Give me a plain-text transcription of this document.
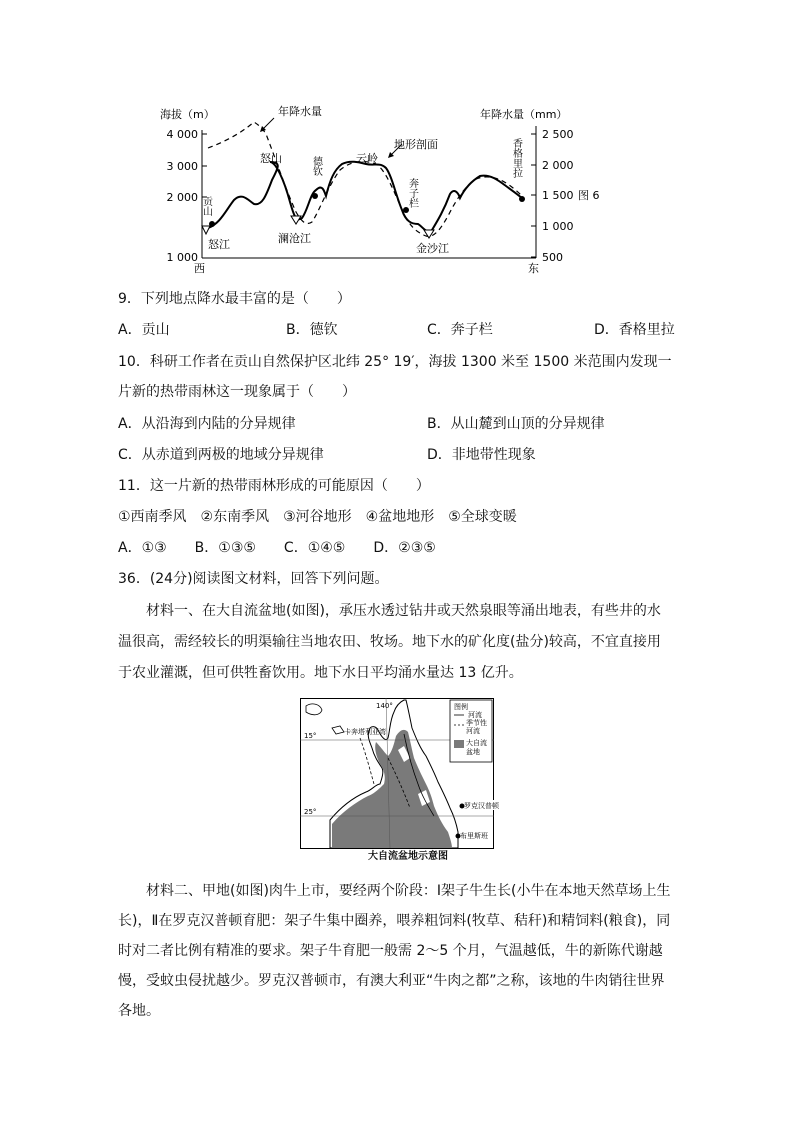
海拔（m）	年降水量（mm）
4 000
3 000
2 000
1 000
2 500
2 000
1 500
1 000
500
年降水量
地形剖面
贡山
怒山	德钦	云岭
奔子栏
香格里拉
怒江	澜沧江
金沙江
西	东
图 6
9．下列地点降水最丰富的是（　　）
A．贡山	B．德钦	C．奔子栏	D．香格里拉
10．科研工作者在贡山自然保护区北纬 25° 19′，海拔 1300 米至 1500 米范围内发现一片新的热带雨林这一现象属于（　　）
A．从沿海到内陆的分异规律	B．从山麓到山顶的分异规律
C．从赤道到两极的地域分异规律	D．非地带性现象
11．这一片新的热带雨林形成的可能原因（　　）
①西南季风　②东南季风　③河谷地形　④盆地地形　⑤全球变暖
A．①③　　B．①③⑤　　C．①④⑤　　D．②③⑤
36．(24分)阅读图文材料，回答下列问题。
材料一、在大自流盆地(如图)，承压水透过钻井或天然泉眼等涌出地表，有些井的水温很高，需经较长的明渠输往当地农田、牧场。地下水的矿化度(盐分)较高，不宜直接用于农业灌溉，但可供牲畜饮用。地下水日平均涌水量达 13 亿升。
140°
15°
25°
卡奔塔利亚湾
罗克汉普顿
布里斯班
图例
河流
季节性
河流
大自流
盆地
大自流盆地示意图
材料二、甲地(如图)肉牛上市，要经两个阶段：Ⅰ架子牛生长(小牛在本地天然草场上生长)，Ⅱ在罗克汉普顿育肥：架子牛集中圈养，喂养粗饲料(牧草、秸秆)和精饲料(粮食)，同时对二者比例有精准的要求。架子牛育肥一般需 2～5 个月，气温越低，牛的新陈代谢越慢，受蚊虫侵扰越少。罗克汉普顿市，有澳大利亚“牛肉之都”之称，该地的牛肉销往世界各地。
